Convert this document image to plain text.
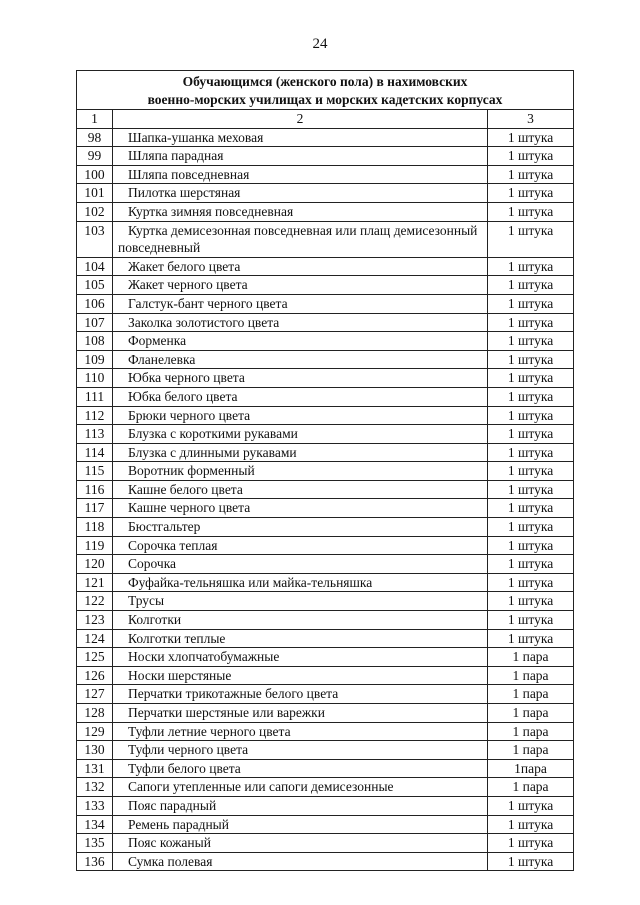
24
Обучающимся (женского пола) в нахимовских
военно-морских училищах и морских кадетских корпусах		

1	2	3
98	Шапка-ушанка меховая	1 штука
99	Шляпа парадная	1 штука
100	Шляпа повседневная	1 штука
101	Пилотка шерстяная	1 штука
102	Куртка зимняя повседневная	1 штука
103	Куртка демисезонная повседневная или плащ демисезонный повседневный	1 штука
104	Жакет белого цвета	1 штука
105	Жакет черного цвета	1 штука
106	Галстук-бант черного цвета	1 штука
107	Заколка золотистого цвета	1 штука
108	Форменка	1 штука
109	Фланелевка	1 штука
110	Юбка черного цвета	1 штука
111	Юбка белого цвета	1 штука
112	Брюки черного цвета	1 штука
113	Блузка с короткими рукавами	1 штука
114	Блузка с длинными рукавами	1 штука
115	Воротник форменный	1 штука
116	Кашне белого цвета	1 штука
117	Кашне черного цвета	1 штука
118	Бюстгальтер	1 штука
119	Сорочка теплая	1 штука
120	Сорочка	1 штука
121	Фуфайка-тельняшка или майка-тельняшка	1 штука
122	Трусы	1 штука
123	Колготки	1 штука
124	Колготки теплые	1 штука
125	Носки хлопчатобумажные	1 пара
126	Носки шерстяные	1 пара
127	Перчатки трикотажные белого цвета	1 пара
128	Перчатки шерстяные или варежки	1 пара
129	Туфли летние черного цвета	1 пара
130	Туфли черного цвета	1 пара
131	Туфли белого цвета	1пара
132	Сапоги утепленные или сапоги демисезонные	1 пара
133	Пояс парадный	1 штука
134	Ремень парадный	1 штука
135	Пояс кожаный	1 штука
136	Сумка полевая	1 штука
